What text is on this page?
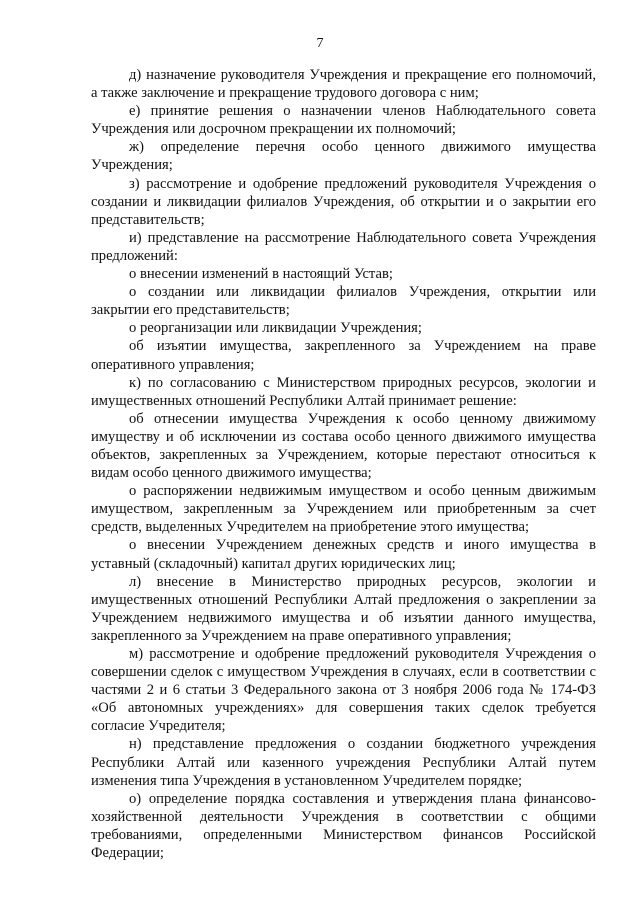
7

д) назначение руководителя Учреждения и прекращение его полномочий, а также заключение и прекращение трудового договора с ним;

е) принятие решения о назначении членов Наблюдательного совета Учреждения или досрочном прекращении их полномочий;

ж) определение перечня особо ценного движимого имущества Учреждения;

з) рассмотрение и одобрение предложений руководителя Учреждения о создании и ликвидации филиалов Учреждения, об открытии и о закрытии его представительств;

и) представление на рассмотрение Наблюдательного совета Учреждения предложений:

о внесении изменений в настоящий Устав;

о создании или ликвидации филиалов Учреждения, открытии или закрытии его представительств;

о реорганизации или ликвидации Учреждения;

об изъятии имущества, закрепленного за Учреждением на праве оперативного управления;

к) по согласованию с Министерством природных ресурсов, экологии и имущественных отношений Республики Алтай принимает решение:

об отнесении имущества Учреждения к особо ценному движимому имуществу и об исключении из состава особо ценного движимого имущества объектов, закрепленных за Учреждением, которые перестают относиться к видам особо ценного движимого имущества;

о распоряжении недвижимым имуществом и особо ценным движимым имуществом, закрепленным за Учреждением или приобретенным за счет средств, выделенных Учредителем на приобретение этого имущества;

о внесении Учреждением денежных средств и иного имущества в уставный (складочный) капитал других юридических лиц;

л) внесение в Министерство природных ресурсов, экологии и имущественных отношений Республики Алтай предложения о закреплении за Учреждением недвижимого имущества и об изъятии данного имущества, закрепленного за Учреждением на праве оперативного управления;

м) рассмотрение и одобрение предложений руководителя Учреждения о совершении сделок с имуществом Учреждения в случаях, если в соответствии с частями 2 и 6 статьи 3 Федерального закона от 3 ноября 2006 года № 174-ФЗ «Об автономных учреждениях» для совершения таких сделок требуется согласие Учредителя;

н) представление предложения о создании бюджетного учреждения Республики Алтай или казенного учреждения Республики Алтай путем изменения типа Учреждения в установленном Учредителем порядке;

о) определение порядка составления и утверждения плана финансово-хозяйственной деятельности Учреждения в соответствии с общими требованиями, определенными Министерством финансов Российской Федерации;
